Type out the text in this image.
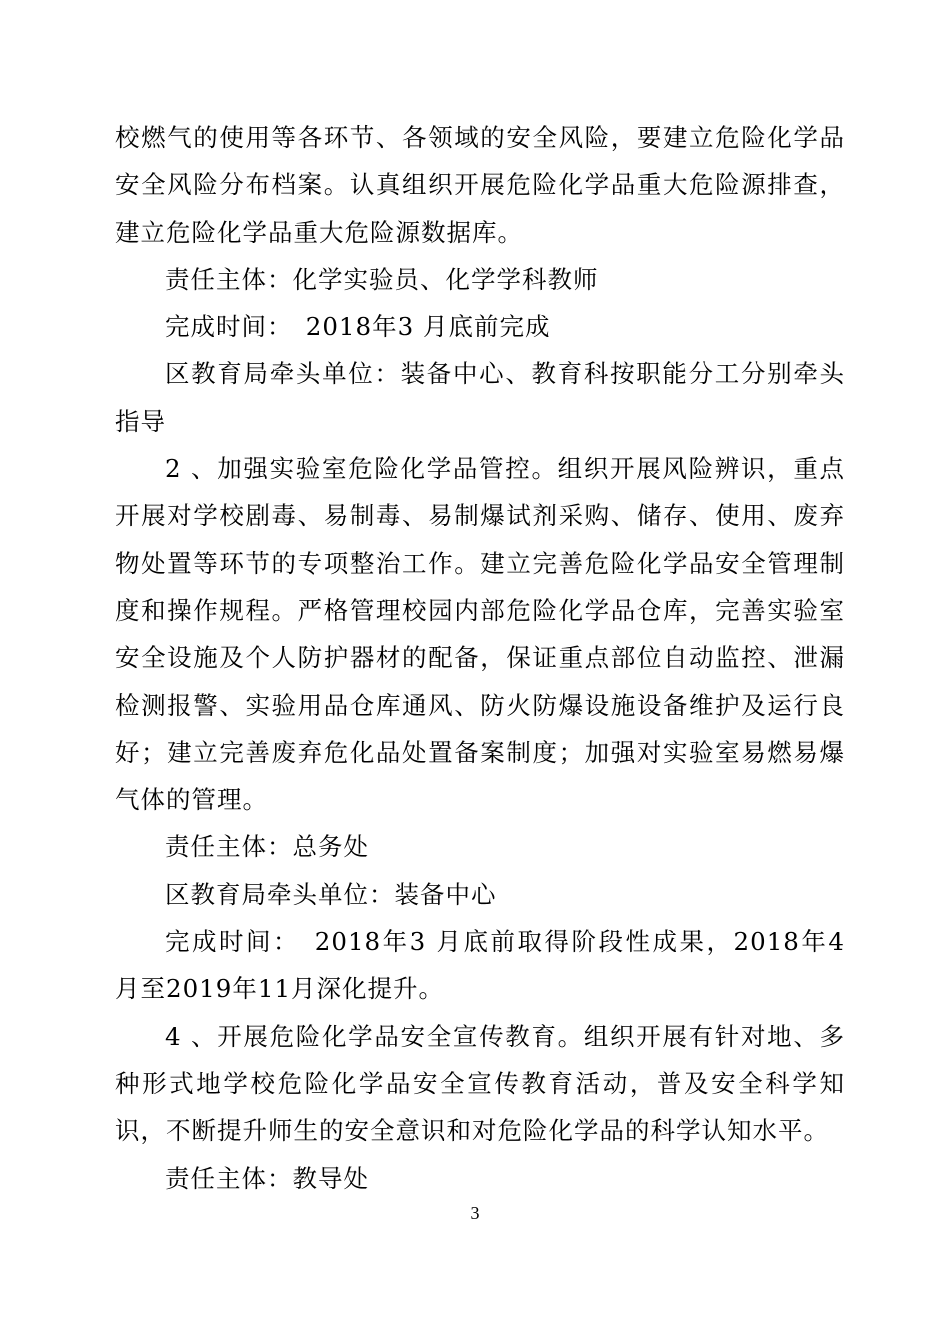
校燃气的使用等各环节、各领域的安全风险，要建立危险化学品安全风险分布档案。认真组织开展危险化学品重大危险源排查，建立危险化学品重大危险源数据库。

责任主体：化学实验员、化学学科教师

完成时间：　2018年3 月底前完成

区教育局牵头单位：装备中心、教育科按职能分工分别牵头指导

2 、加强实验室危险化学品管控。组织开展风险辨识，重点开展对学校剧毒、易制毒、易制爆试剂采购、储存、使用、废弃物处置等环节的专项整治工作。建立完善危险化学品安全管理制度和操作规程。严格管理校园内部危险化学品仓库，完善实验室安全设施及个人防护器材的配备，保证重点部位自动监控、泄漏检测报警、实验用品仓库通风、防火防爆设施设备维护及运行良好；建立完善废弃危化品处置备案制度；加强对实验室易燃易爆气体的管理。

责任主体：总务处

区教育局牵头单位：装备中心

完成时间：　2018年3 月底前取得阶段性成果，2018年4 月至2019年11月深化提升。

4 、开展危险化学品安全宣传教育。组织开展有针对地、多种形式地学校危险化学品安全宣传教育活动，普及安全科学知识，不断提升师生的安全意识和对危险化学品的科学认知水平。

责任主体：教导处

3
